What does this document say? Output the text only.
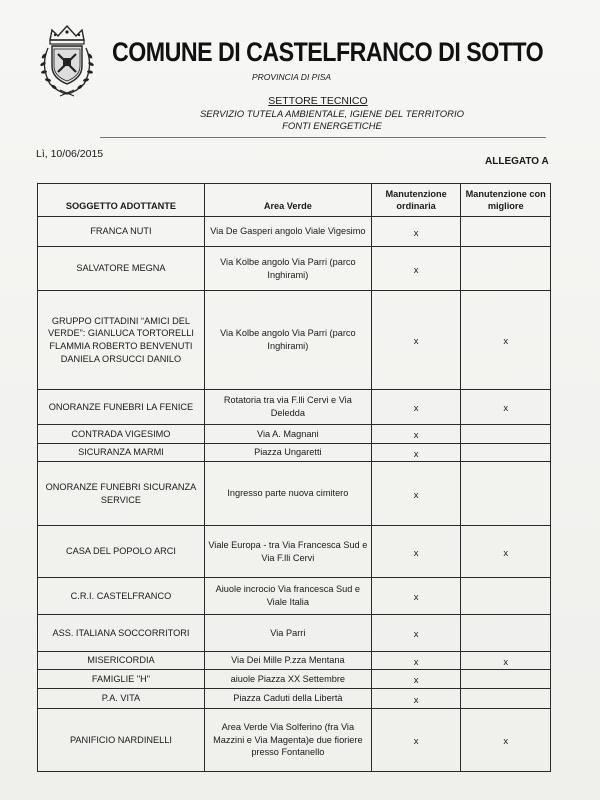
COMUNE DI CASTELFRANCO DI SOTTO
PROVINCIA DI PISA
SETTORE TECNICO
SERVIZIO TUTELA AMBIENTALE, IGIENE DEL TERRITORIO
FONTI ENERGETICHE
Lì, 10/06/2015
ALLEGATO A
SOGGETTO ADOTTANTE	Area Verde	Manutenzione ordinaria	Manutenzione con migliore
FRANCA NUTI	Via De Gasperi angolo Viale Vigesimo	x	
SALVATORE MEGNA	Via Kolbe angolo Via Parri (parco Inghirami)	x	
GRUPPO CITTADINI “AMICI DEL VERDE”: GIANLUCA TORTORELLI FLAMMIA ROBERTO BENVENUTI DANIELA ORSUCCI DANILO	Via Kolbe angolo Via Parri (parco Inghirami)	x	x
ONORANZE FUNEBRI LA FENICE	Rotatoria tra via F.lli Cervi e Via Deledda	x	x
CONTRADA VIGESIMO	Via A. Magnani	x	
SICURANZA MARMI	Piazza Ungaretti	x	
ONORANZE FUNEBRI SICURANZA SERVICE	Ingresso parte nuova cimitero	x	
CASA DEL POPOLO ARCI	Viale Europa - tra Via Francesca Sud e Via F.lli Cervi	x	x
C.R.I. CASTELFRANCO	Aiuole incrocio Via francesca Sud e Viale Italia	x	
ASS. ITALIANA SOCCORRITORI	Via Parri	x	
MISERICORDIA	Via Dei Mille P.zza Mentana	x	x
FAMIGLIE "H"	aiuole Piazza XX Settembre	x	
P.A. VITA	Piazza Caduti della Libertà	x	
PANIFICIO NARDINELLI	Area Verde Via Solferino (fra Via Mazzini e Via Magenta)e due fioriere presso Fontanello	x	x
